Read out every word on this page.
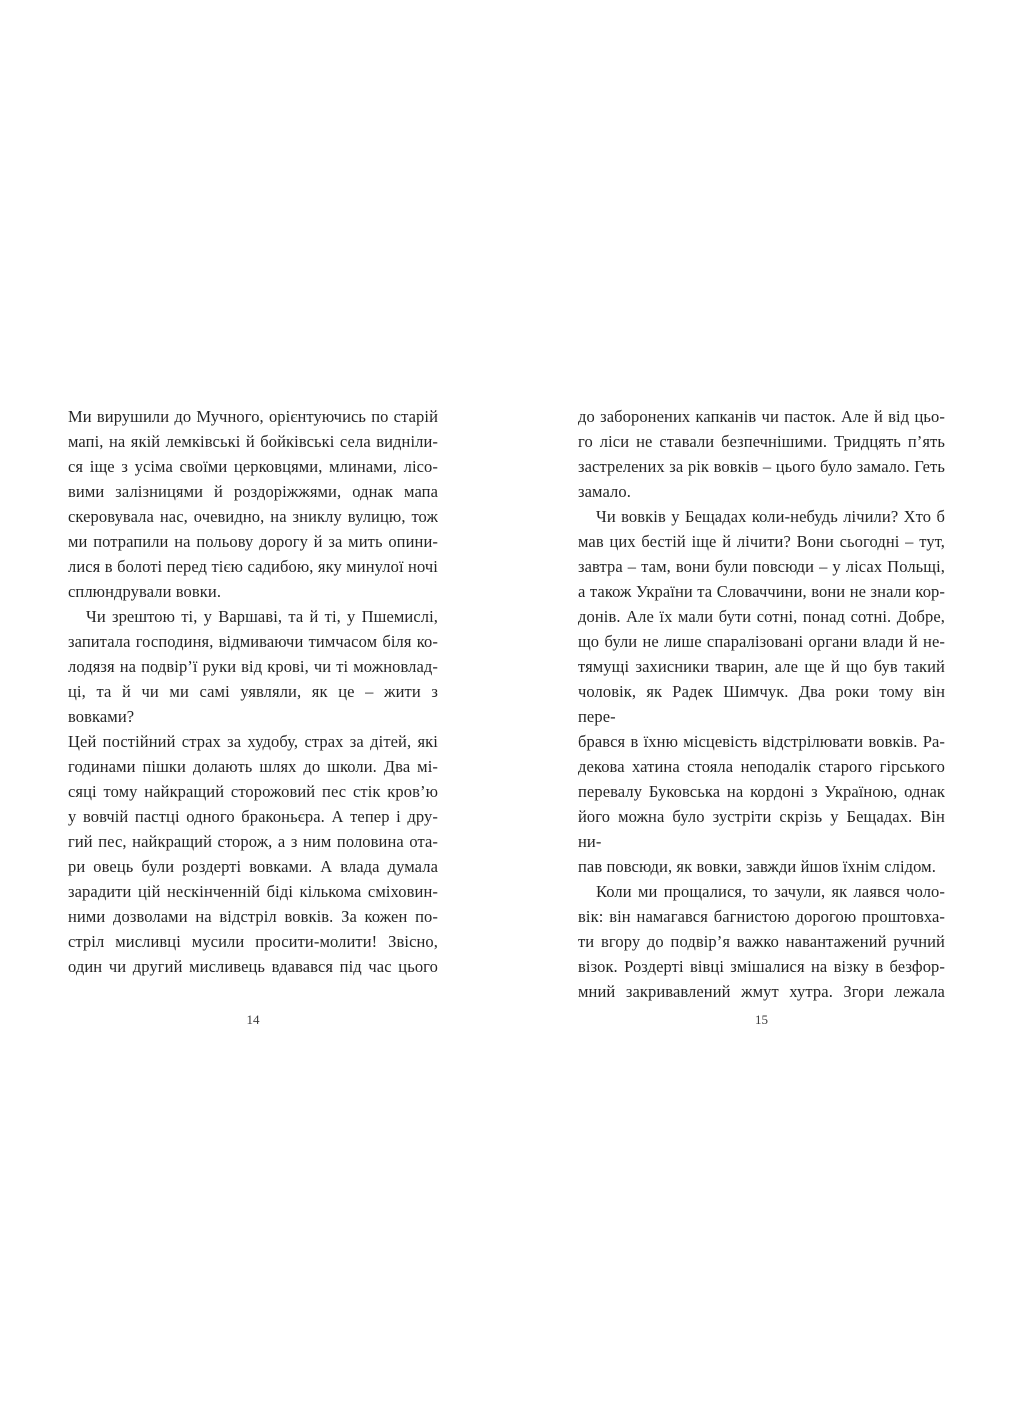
Ми вирушили до Мучного, орієнтуючись по старій
мапі, на якій лемківські й бойківські села видніли-
ся іще з усіма своїми церковцями, млинами, лісо-
вими залізницями й роздоріжжями, однак мапа
скеровувала нас, очевидно, на зниклу вулицю, тож
ми потрапили на польову дорогу й за мить опини-
лися в болоті перед тією садибою, яку минулої ночі
сплюндрували вовки.
Чи зрештою ті, у Варшаві, та й ті, у Пшемислі,
запитала господиня, відмиваючи тимчасом біля ко-
лодязя на подвір’ї руки від крові, чи ті можновлад-
ці, та й чи ми самі уявляли, як це – жити з вовками?
Цей постійний страх за худобу, страх за дітей, які
годинами пішки долають шлях до школи. Два мі-
сяці тому найкращий сторожовий пес стік кров’ю
у вовчій пастці одного браконьєра. А тепер і дру-
гий пес, найкращий сторож, а з ним половина ота-
ри овець були роздерті вовками. А влада думала
зарадити цій нескінченній біді кількома сміховин-
ними дозволами на відстріл вовків. За кожен по-
стріл мисливці мусили просити-молити! Звісно,
один чи другий мисливець вдавався під час цього
14
до заборонених капканів чи пасток. Але й від цьо-
го ліси не ставали безпечнішими. Тридцять п’ять
застрелених за рік вовків – цього було замало. Геть
замало.
Чи вовків у Бещадах коли-небудь лічили? Хто б
мав цих бестій іще й лічити? Вони сьогодні – тут,
завтра – там, вони були повсюди – у лісах Польщі,
а також України та Словаччини, вони не знали кор-
донів. Але їх мали бути сотні, понад сотні. Добре,
що були не лише спаралізовані органи влади й не-
тямущі захисники тварин, але ще й що був такий
чоловік, як Радек Шимчук. Два роки тому він пере-
брався в їхню місцевість відстрілювати вовків. Ра-
декова хатина стояла неподалік старого гірського
перевалу Буковська на кордоні з Україною, однак
його можна було зустріти скрізь у Бещадах. Він ни-
пав повсюди, як вовки, завжди йшов їхнім слідом.
Коли ми прощалися, то зачули, як лаявся чоло-
вік: він намагався багнистою дорогою проштовха-
ти вгору до подвір’я важко навантажений ручний
візок. Роздерті вівці змішалися на візку в безфор-
мний закривавлений жмут хутра. Згори лежала
15
